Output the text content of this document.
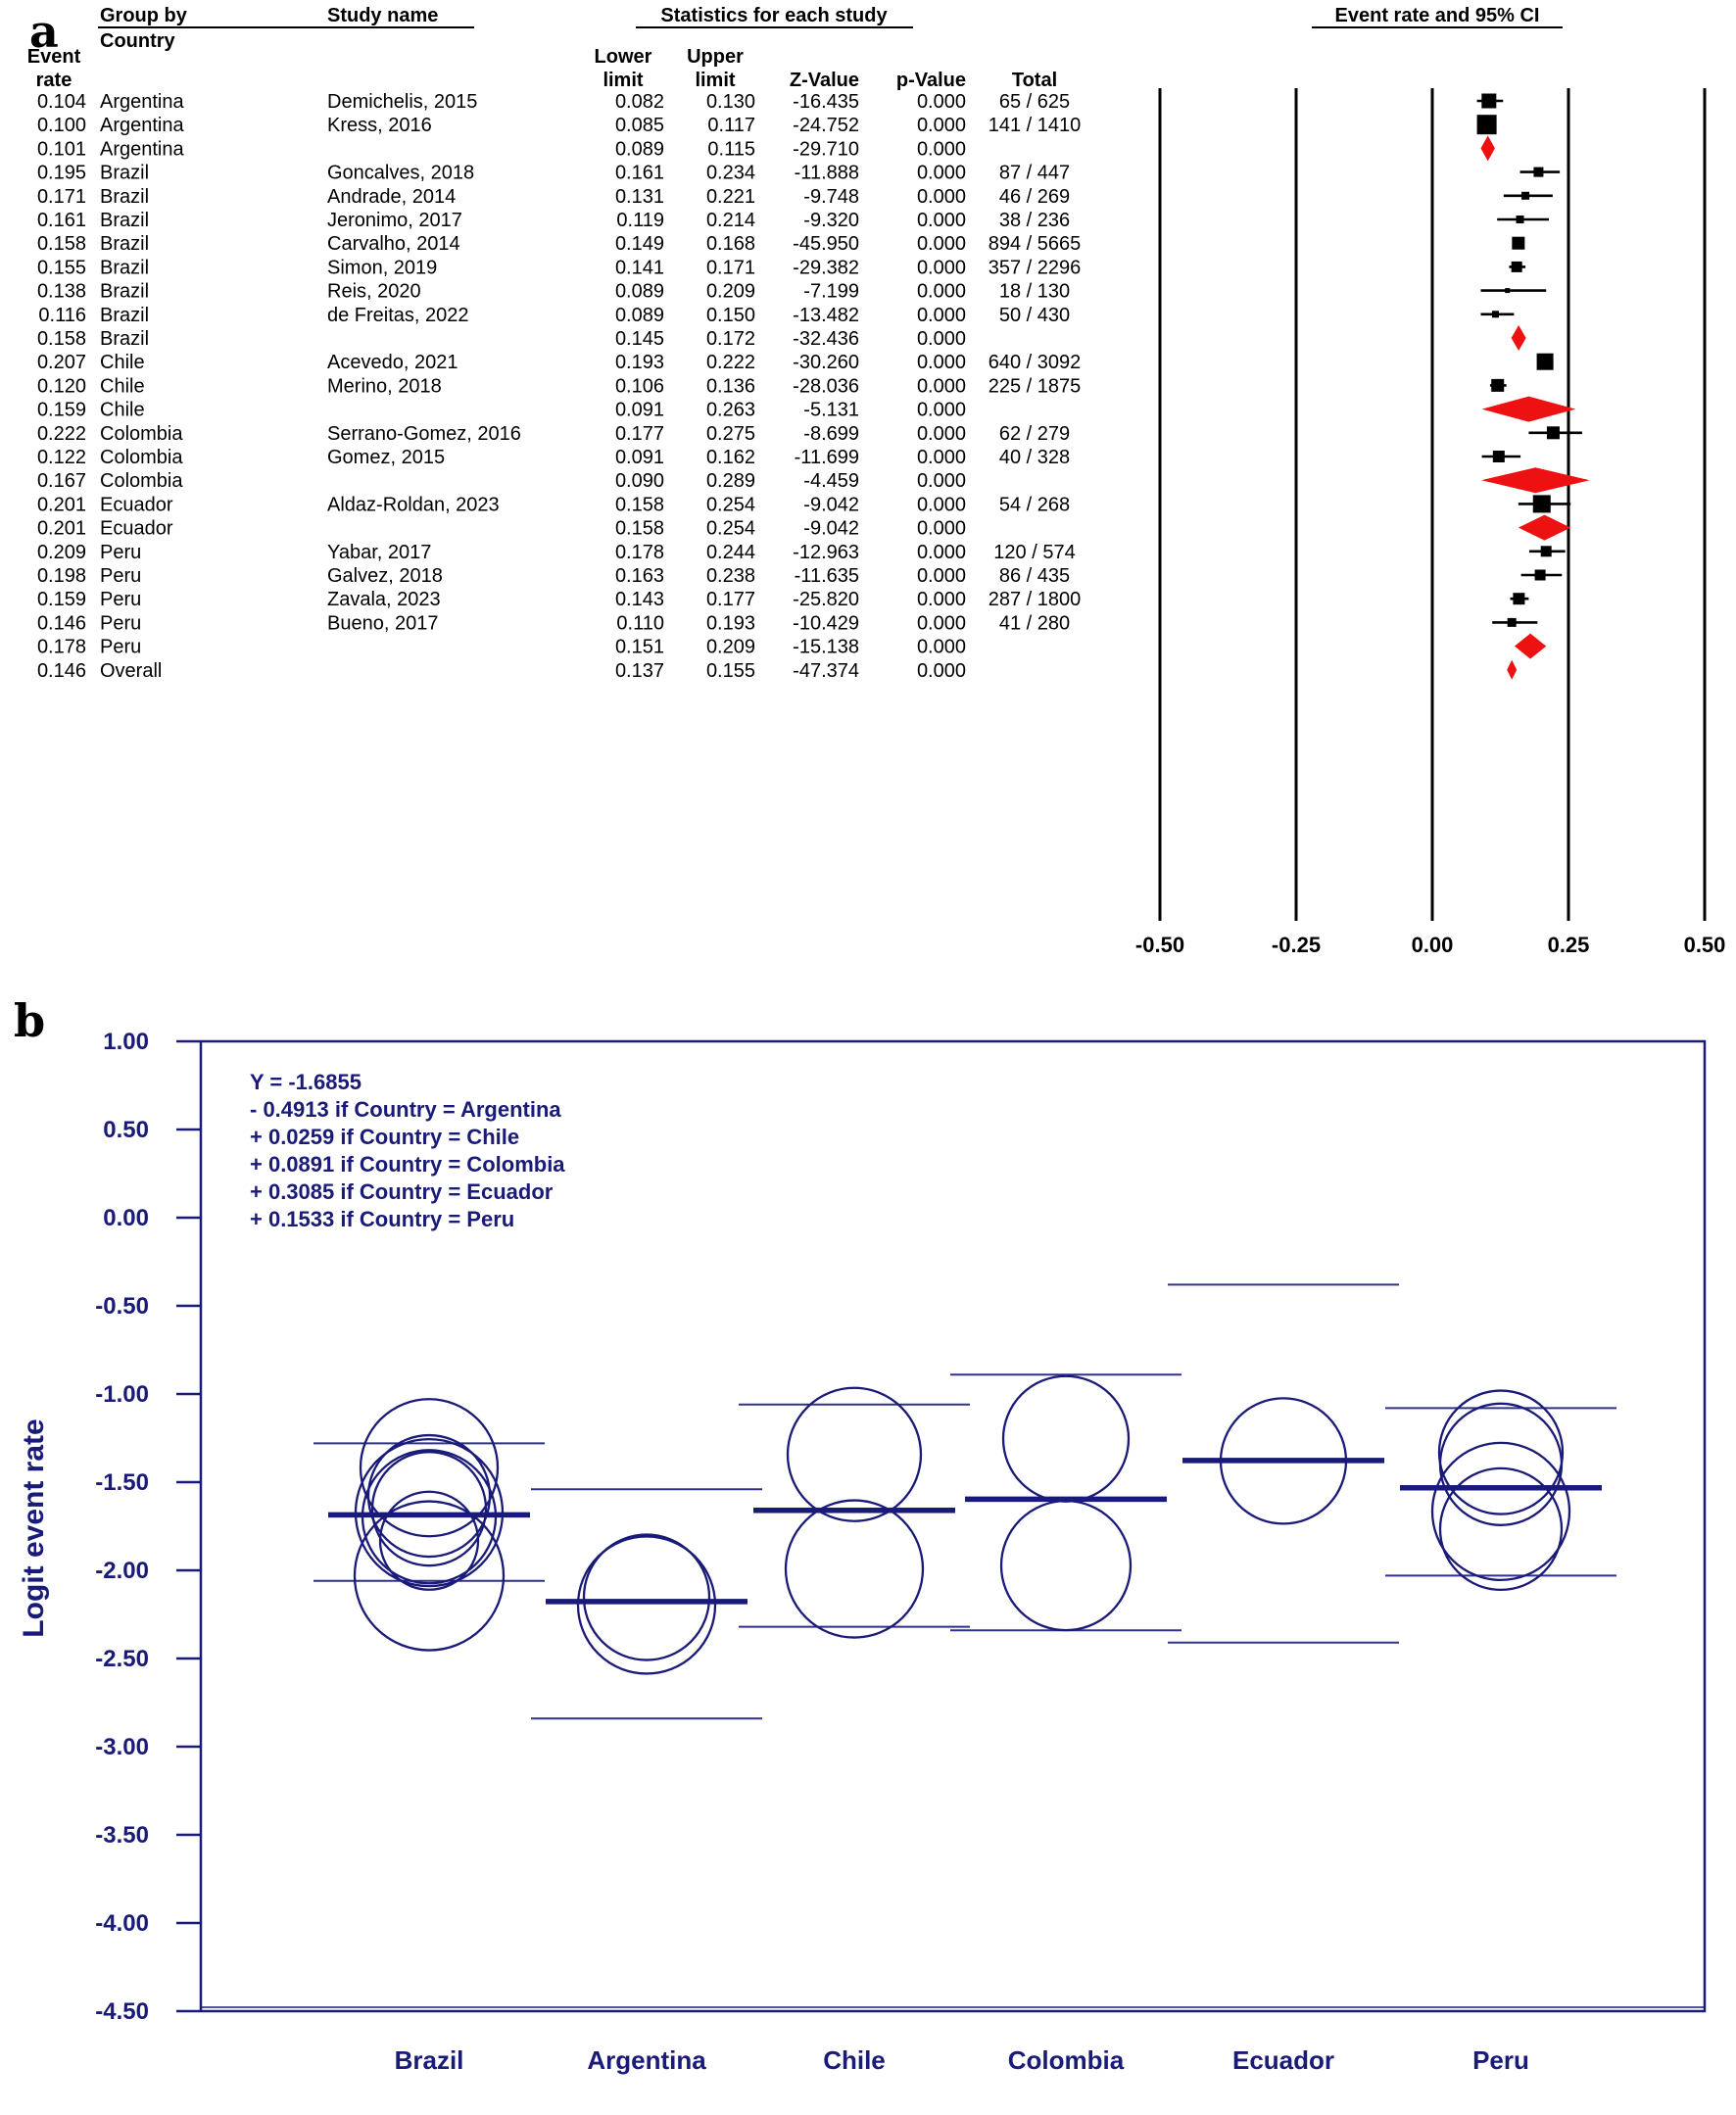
a Group by
Country
Event
rate
Study name	Statistics for each study
Lower
limit
Upper
limit	Z-Value p-Value Total
Event rate and 95% CI
-0.50	-0.25	0.00	0.25	0.50
0.104 Argentina	Demichelis, 2015	0.082 0.130 -16.435	0.000 65 / 625
0.100 Argentina	Kress, 2016	0.085 0.117 -24.752	0.000 141 / 1410
0.101 Argentina	0.089 0.115 -29.710	0.000
0.195 Brazil	Goncalves, 2018	0.161 0.234 -11.888	0.000 87 / 447
0.171 Brazil	Andrade, 2014	0.131 0.221 -9.748	0.000 46 / 269
0.161 Brazil	Jeronimo, 2017	0.119 0.214 -9.320	0.000 38 / 236
0.158 Brazil	Carvalho, 2014	0.149 0.168 -45.950	0.000 894 / 5665
0.155 Brazil	Simon, 2019	0.141 0.171 -29.382	0.000 357 / 2296
0.138 Brazil	Reis, 2020	0.089 0.209 -7.199	0.000 18 / 130
0.116 Brazil	de Freitas, 2022	0.089 0.150 -13.482	0.000 50 / 430
0.158 Brazil	0.145 0.172 -32.436	0.000
0.207 Chile	Acevedo, 2021	0.193 0.222 -30.260	0.000 640 / 3092
0.120 Chile	Merino, 2018	0.106 0.136 -28.036	0.000 225 / 1875
0.159 Chile	0.091 0.263 -5.131	0.000
0.222 Colombia	Serrano-Gomez, 2016	0.177 0.275 -8.699	0.000 62 / 279
0.122 Colombia	Gomez, 2015	0.091 0.162 -11.699	0.000 40 / 328
0.167 Colombia	0.090 0.289 -4.459	0.000
0.201 Ecuador	Aldaz-Roldan, 2023	0.158 0.254 -9.042	0.000 54 / 268
0.201 Ecuador	0.158 0.254 -9.042	0.000
0.209 Peru	Yabar, 2017	0.178 0.244 -12.963	0.000 120 / 574
0.198 Peru	Galvez, 2018	0.163 0.238 -11.635	0.000 86 / 435
0.159 Peru	Zavala, 2023	0.143 0.177 -25.820	0.000 287 / 1800
0.146 Peru	Bueno, 2017	0.110 0.193 -10.429	0.000 41 / 280
0.178 Peru	0.151 0.209 -15.138	0.000
0.146 Overall	0.137 0.155 -47.374	0.000
b 1.00
0.50
0.00
-0.50
-1.00
-1.50
-2.00
-2.50
-3.00
-3.50
-4.00
-4.50
Logit event rate
Y = -1.6855
- 0.4913 if Country = Argentina
+ 0.0259 if Country = Chile
+ 0.0891 if Country = Colombia
+ 0.3085 if Country = Ecuador
+ 0.1533 if Country = Peru
Brazil	Argentina	Chile	Colombia	Ecuador	Peru
